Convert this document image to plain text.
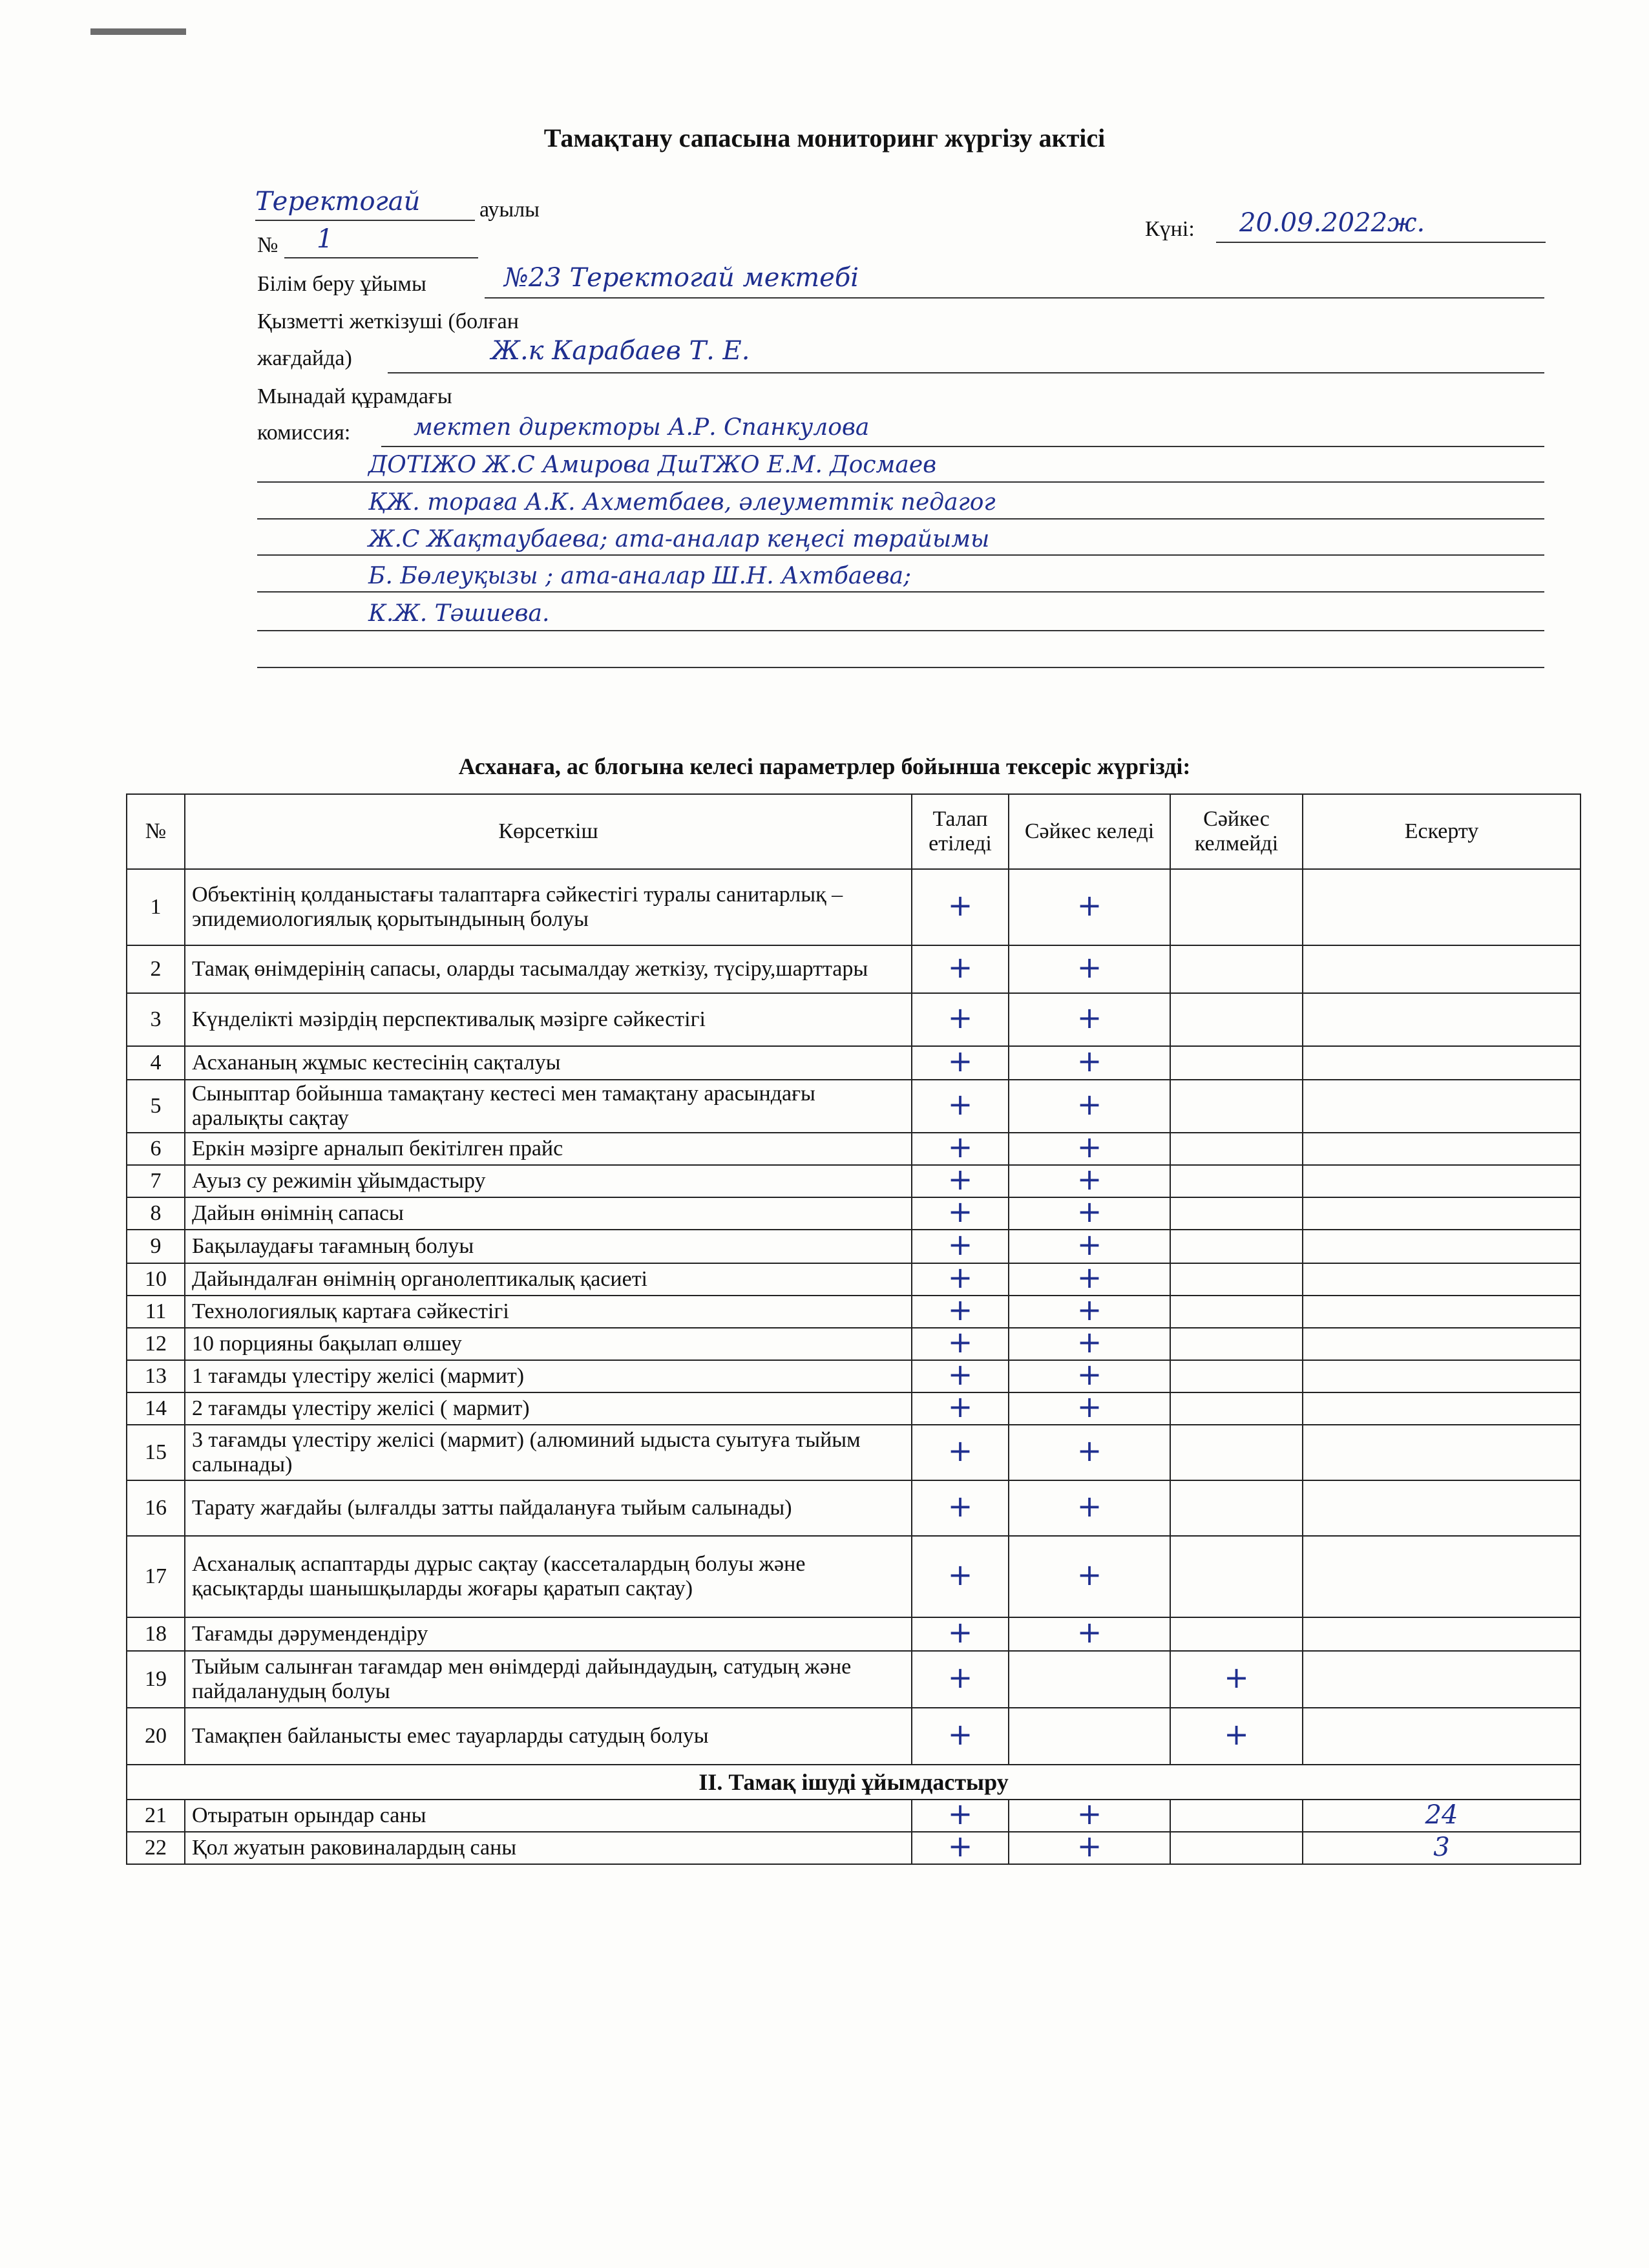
Тамақтану сапасына мониторинг жүргізу актісі
Теректогай	ауылы
№ 1	Күні: 20.09.2022ж.
Білім беру ұйымы	№23 Теректогай мектебі
Қызметті жеткізуші (болған
жағдайда)	Ж.к Карабаев Т. Е.
Мынадай құрамдағы
комиссия:	мектеп директоры А.Р. Спанкулова
ДОТІЖО Ж.С Амирова ДшТЖО Е.М. Досмаев
ҚЖ. тораға А.К. Ахметбаев, әлеуметтік педагог
Ж.С Жақтаубаева; ата-аналар кеңесі төрайымы
Б. Бөлеуқызы ; ата-аналар Ш.Н. Ахтбаева;
К.Ж. Тәшиева.
Асханаға, ас блогына келесі параметрлер бойынша тексеріс жүргізді:
№	Көрсеткіш	Талап етіледі	Сәйкес келеді	Сәйкес келмейді	Ескерту
1	Объектінің қолданыстағы талаптарға сәйкестігі туралы санитарлық – эпидемиологиялық қорытындының болуы	+	+		
2	Тамақ өнімдерінің сапасы, оларды тасымалдау жеткізу, түсіру,шарттары	+	+		
3	Күнделікті мәзірдің перспективалық мәзірге сәйкестігі	+	+		
4	Асхананың жұмыс кестесінің сақталуы	+	+		
5	Сыныптар бойынша тамақтану кестесі мен тамақтану арасындағы аралықты сақтау	+	+		
6	Еркін мәзірге арналып бекітілген прайс	+	+		
7	Ауыз су режимін ұйымдастыру	+	+		
8	Дайын өнімнің сапасы	+	+		
9	Бақылаудағы тағамның болуы	+	+		
10	Дайындалған өнімнің органолептикалық қасиеті	+	+		
11	Технологиялық картаға сәйкестігі	+	+		
12	10 порцияны бақылап өлшеу	+	+		
13	1 тағамды үлестіру желісі (мармит)	+	+		
14	2 тағамды үлестіру желісі ( мармит)	+	+		
15	3 тағамды үлестіру желісі (мармит) (алюминий ыдыста суытуға тыйым салынады)	+	+		
16	Тарату жағдайы (ылғалды затты пайдалануға тыйым салынады)	+	+		
17	Асханалық аспаптарды дұрыс сақтау (кассеталардың болуы және қасықтарды шанышқыларды жоғары қаратып сақтау)	+	+		
18	Тағамды дәрумендендіру	+	+		
19	Тыйым салынған тағамдар мен өнімдерді дайындаудың, сатудың және пайдаланудың болуы	+		+	
20	Тамақпен байланысты емес тауарларды сатудың болуы	+		+	
ІІ. Тамақ ішуді ұйымдастыру					
21	Отыратын орындар саны	+	+		24
22	Қол жуатын раковиналардың саны	+	+		3
